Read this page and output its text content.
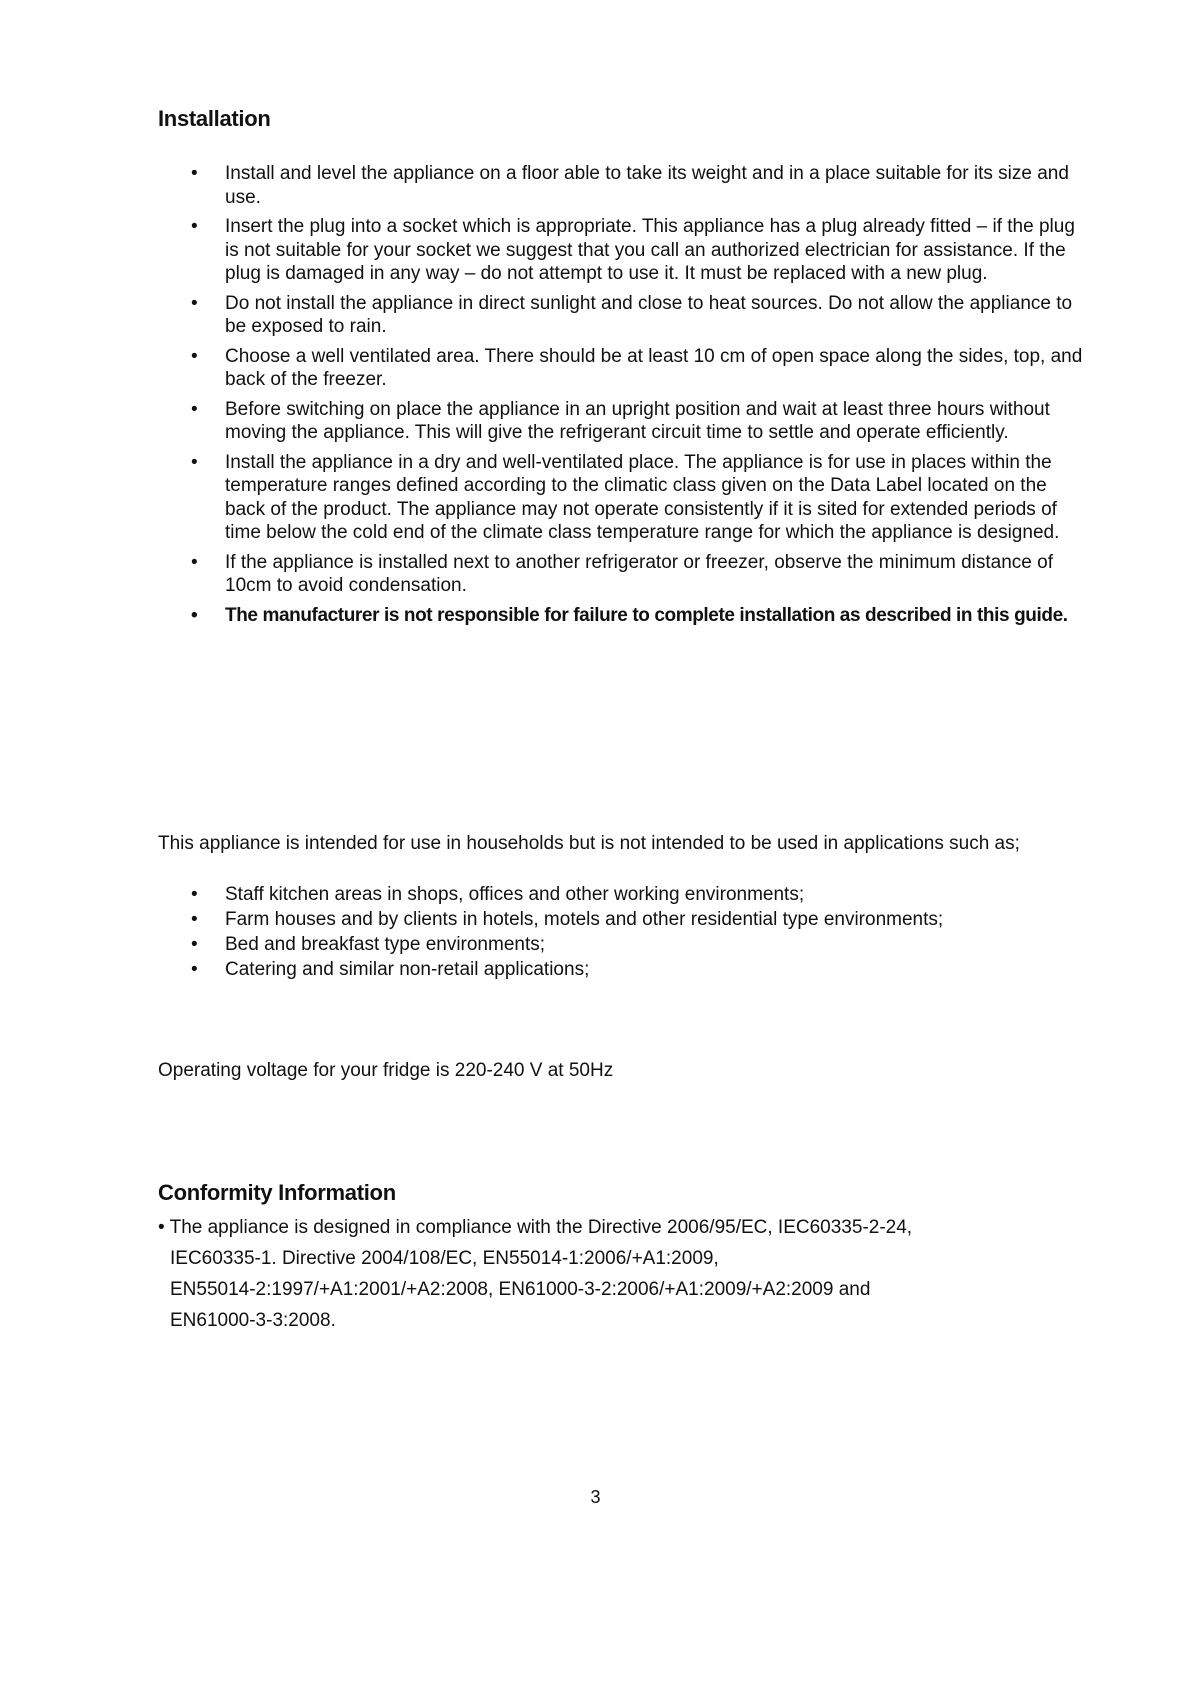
Installation
• Install and level the appliance on a floor able to take its weight and in a place suitable for its size and use.
• Insert the plug into a socket which is appropriate. This appliance has a plug already fitted – if the plug is not suitable for your socket we suggest that you call an authorized electrician for assistance. If the plug is damaged in any way – do not attempt to use it. It must be replaced with a new plug.
• Do not install the appliance in direct sunlight and close to heat sources. Do not allow the appliance to be exposed to rain.
• Choose a well ventilated area. There should be at least 10 cm of open space along the sides, top, and back of the freezer.
• Before switching on place the appliance in an upright position and wait at least three hours without moving the appliance. This will give the refrigerant circuit time to settle and operate efficiently.
• Install the appliance in a dry and well-ventilated place. The appliance is for use in places within the temperature ranges defined according to the climatic class given on the Data Label located on the back of the product. The appliance may not operate consistently if it is sited for extended periods of time below the cold end of the climate class temperature range for which the appliance is designed.
• If the appliance is installed next to another refrigerator or freezer, observe the minimum distance of 10cm to avoid condensation.
• The manufacturer is not responsible for failure to complete installation as described in this guide.

This appliance is intended for use in households but is not intended to be used in applications such as;

• Staff kitchen areas in shops, offices and other working environments;
• Farm houses and by clients in hotels, motels and other residential type environments;
• Bed and breakfast type environments;
• Catering and similar non-retail applications;

Operating voltage for your fridge is 220-240 V at 50Hz

Conformity Information

• The appliance is designed in compliance with the Directive 2006/95/EC, IEC60335-2-24,
IEC60335-1. Directive 2004/108/EC, EN55014-1:2006/+A1:2009,
EN55014-2:1997/+A1:2001/+A2:2008, EN61000-3-2:2006/+A1:2009/+A2:2009 and
EN61000-3-3:2008.

3
